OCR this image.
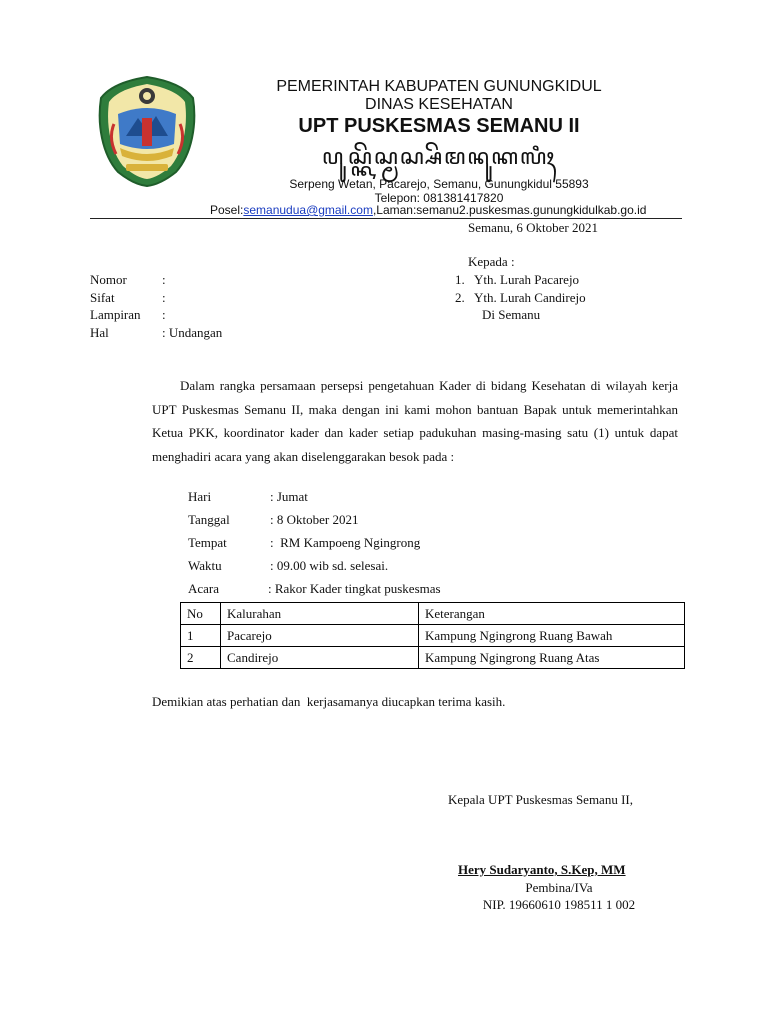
PEMERINTAH KABUPATEN GUNUNGKIDUL
DINAS KESEHATAN
UPT PUSKESMAS SEMANU II
ꦥꦸꦱ꧀ꦏꦼꦱ꧀ꦩꦱ꧀ꦱꦼꦩꦤꦸꦏꦭꦶꦃ
Serpeng Wetan, Pacarejo, Semanu, Gunungkidul 55893
Telepon: 081381417820
Posel:semanudua@gmail.com,Laman:semanu2.puskesmas.gunungkidulkab.go.id
Semanu, 6 Oktober 2021
Kepada :
1.   Yth. Lurah Pacarejo
2.   Yth. Lurah Candirejo
Di Semanu
Nomor	:
Sifat	:
Lampiran :
Hal	: Undangan

Dalam rangka persamaan persepsi pengetahuan Kader di bidang Kesehatan di wilayah kerja UPT Puskesmas Semanu II, maka dengan ini kami mohon bantuan Bapak untuk memerintahkan Ketua PKK, koordinator kader dan kader setiap padukuhan masing-masing satu (1) untuk dapat menghadiri acara yang akan diselenggarakan besok pada :

Hari	: Jumat
Tanggal	: 8 Oktober 2021
Tempat	:  RM Kampoeng Ngingrong
Waktu	: 09.00 wib sd. selesai.
Acara	: Rakor Kader tingkat puskesmas
No	Kalurahan	Keterangan
1	Pacarejo	Kampung Ngingrong Ruang Bawah
2	Candirejo	Kampung Ngingrong Ruang Atas
Demikian atas perhatian dan  kerjasamanya diucapkan terima kasih.
Kepala UPT Puskesmas Semanu II,
Hery Sudaryanto, S.Kep, MM
Pembina/IVa
NIP. 19660610 198511 1 002
